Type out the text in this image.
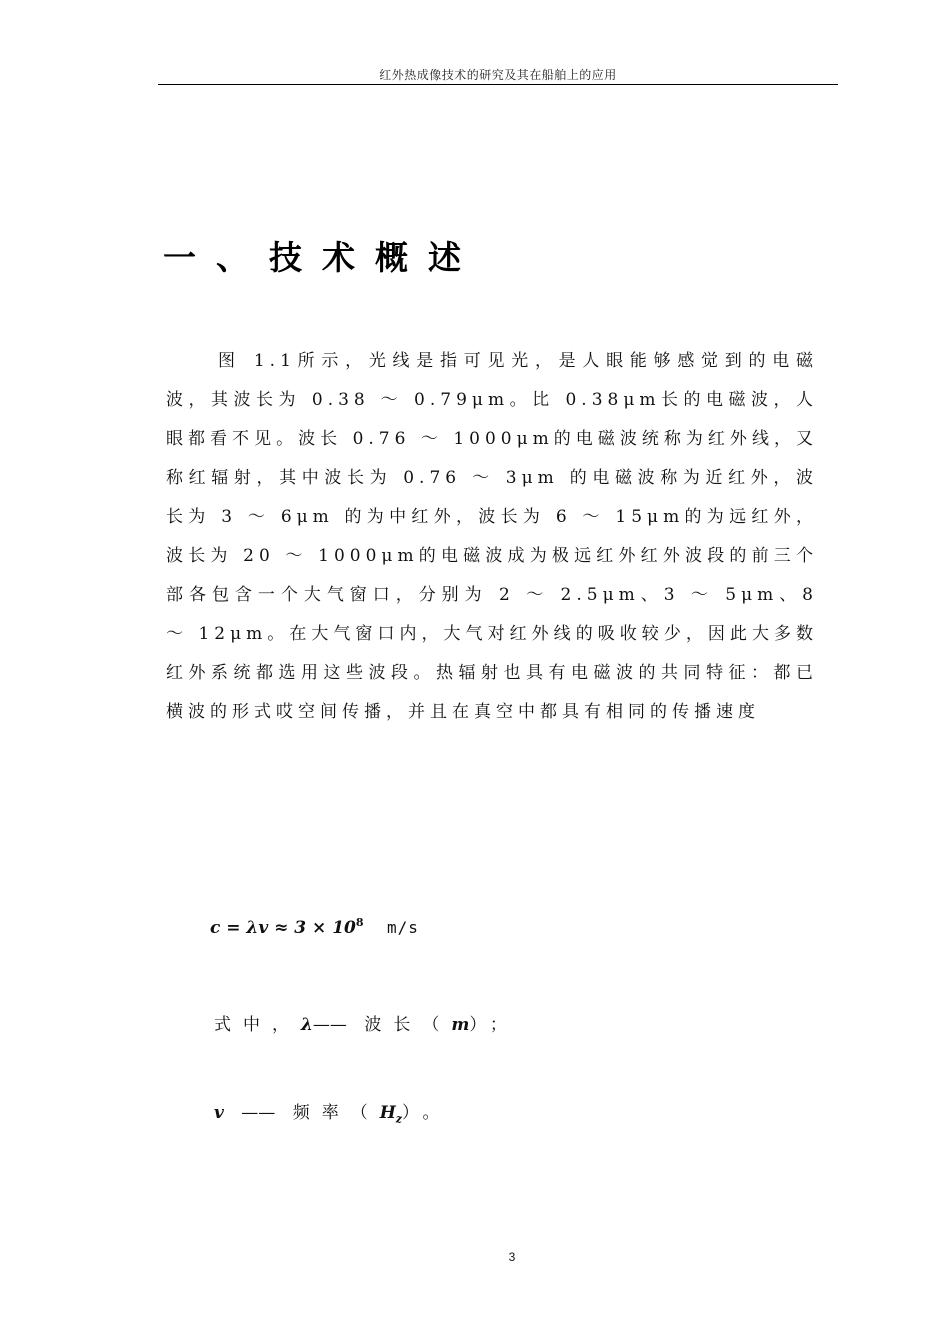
红外热成像技术的研究及其在船舶上的应用
一、技术概述
图 1.1所示，光线是指可见光，是人眼能够感觉到的电磁波，其波长为 0.38 ～ 0.79μm。比 0.38μm长的电磁波，人眼都看不见。波长 0.76 ～ 1000μm的电磁波统称为红外线，又称红辐射，其中波长为 0.76 ～ 3μm 的电磁波称为近红外，波长为 3 ～ 6μm 的为中红外，波长为 6 ～ 15μm的为远红外，波长为 20 ～ 1000μm的电磁波成为极远红外红外波段的前三个部各包含一个大气窗口，分别为 2 ～ 2.5μm、3 ～ 5μm、8 ～ 12μm。在大气窗口内，大气对红外线的吸收较少，因此大多数红外系统都选用这些波段。热辐射也具有电磁波的共同特征：都已横波的形式哎空间传播，并且在真空中都具有相同的传播速度
$c = \lambda v \approx 3 \times 10^8$ m/s
式中，λ—— 波长（m）；
v —— 频率$(H_z)$。
3
